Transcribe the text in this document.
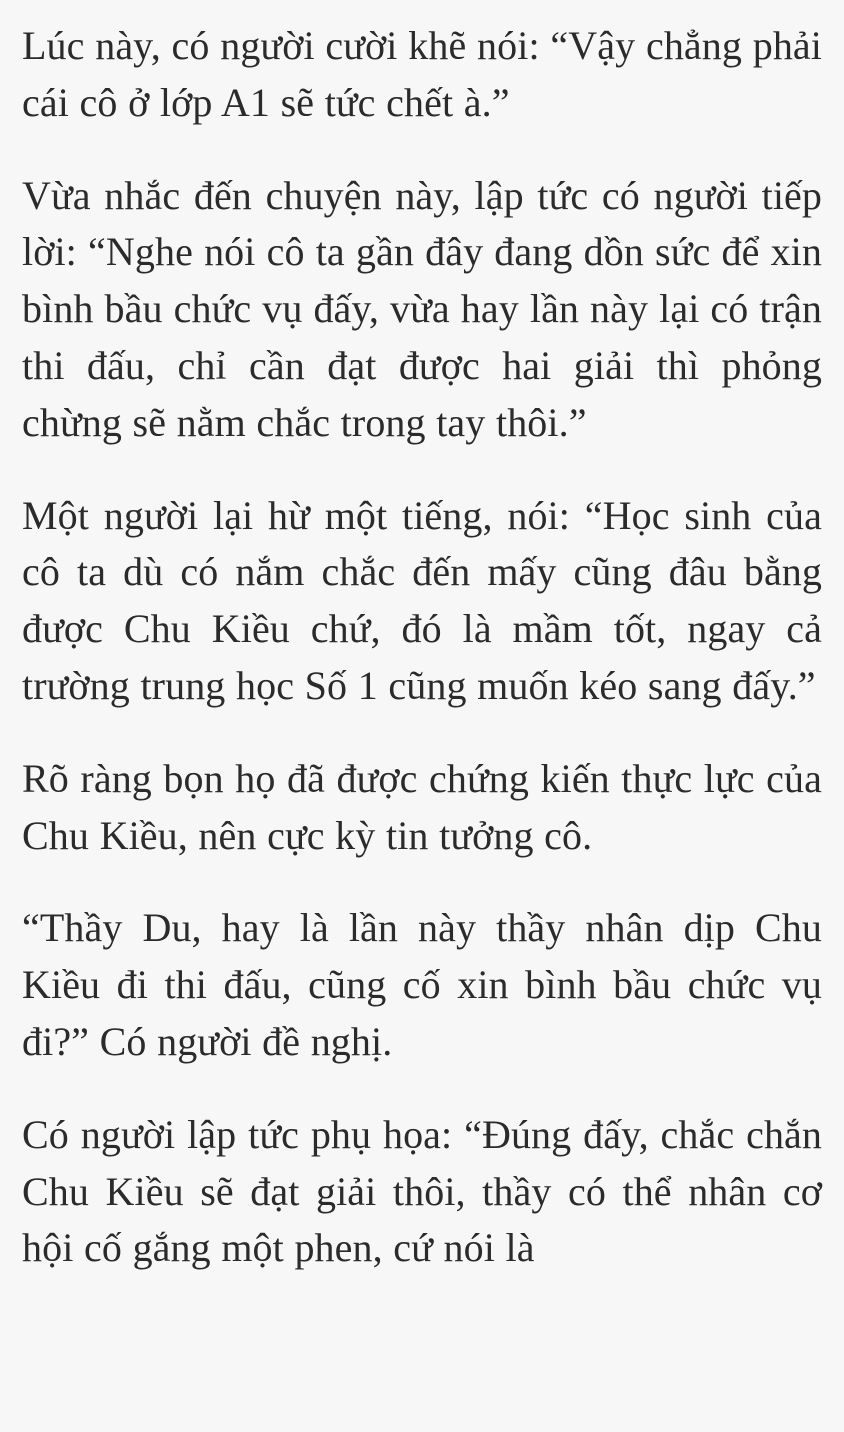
Lúc này, có người cười khẽ nói: “Vậy chẳng phải cái cô ở lớp A1 sẽ tức chết à.”

Vừa nhắc đến chuyện này, lập tức có người tiếp lời: “Nghe nói cô ta gần đây đang dồn sức để xin bình bầu chức vụ đấy, vừa hay lần này lại có trận thi đấu, chỉ cần đạt được hai giải thì phỏng chừng sẽ nằm chắc trong tay thôi.”

Một người lại hừ một tiếng, nói: “Học sinh của cô ta dù có nắm chắc đến mấy cũng đâu bằng được Chu Kiều chứ, đó là mầm tốt, ngay cả trường trung học Số 1 cũng muốn kéo sang đấy.”

Rõ ràng bọn họ đã được chứng kiến thực lực của Chu Kiều, nên cực kỳ tin tưởng cô.

“Thầy Du, hay là lần này thầy nhân dịp Chu Kiều đi thi đấu, cũng cố xin bình bầu chức vụ đi?” Có người đề nghị.

Có người lập tức phụ họa: “Đúng đấy, chắc chắn Chu Kiều sẽ đạt giải thôi, thầy có thể nhân cơ hội cố gắng một phen, cứ nói là
